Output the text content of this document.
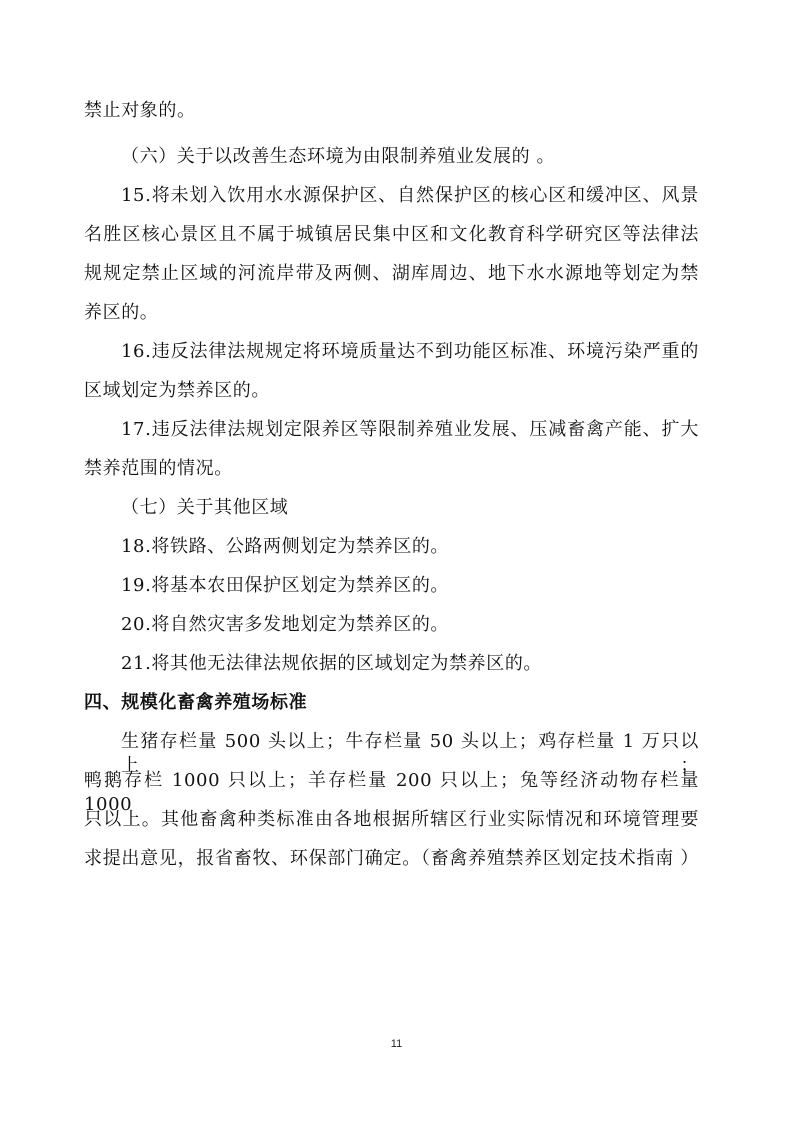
禁止对象的。
（六）关于以改善生态环境为由限制养殖业发展的 。
15.将未划入饮用水水源保护区、自然保护区的核心区和缓冲区、风景
名胜区核心景区且不属于城镇居民集中区和文化教育科学研究区等法律法
规规定禁止区域的河流岸带及两侧、湖库周边、地下水水源地等划定为禁
养区的。
16.违反法律法规规定将环境质量达不到功能区标准、环境污染严重的
区域划定为禁养区的。
17.违反法律法规划定限养区等限制养殖业发展、压减畜禽产能、扩大
禁养范围的情况。
（七）关于其他区域
18.将铁路、公路两侧划定为禁养区的。
19.将基本农田保护区划定为禁养区的。
20.将自然灾害多发地划定为禁养区的。
21.将其他无法律法规依据的区域划定为禁养区的。
四、规模化畜禽养殖场标准
生猪存栏量 500 头以上；牛存栏量 50 头以上；鸡存栏量 1 万只以上；
鸭鹅存栏 1000 只以上；羊存栏量 200 只以上；兔等经济动物存栏量 1000
只以上。其他畜禽种类标准由各地根据所辖区行业实际情况和环境管理要
求提出意见，报省畜牧、环保部门确定。（畜禽养殖禁养区划定技术指南 ）
11
